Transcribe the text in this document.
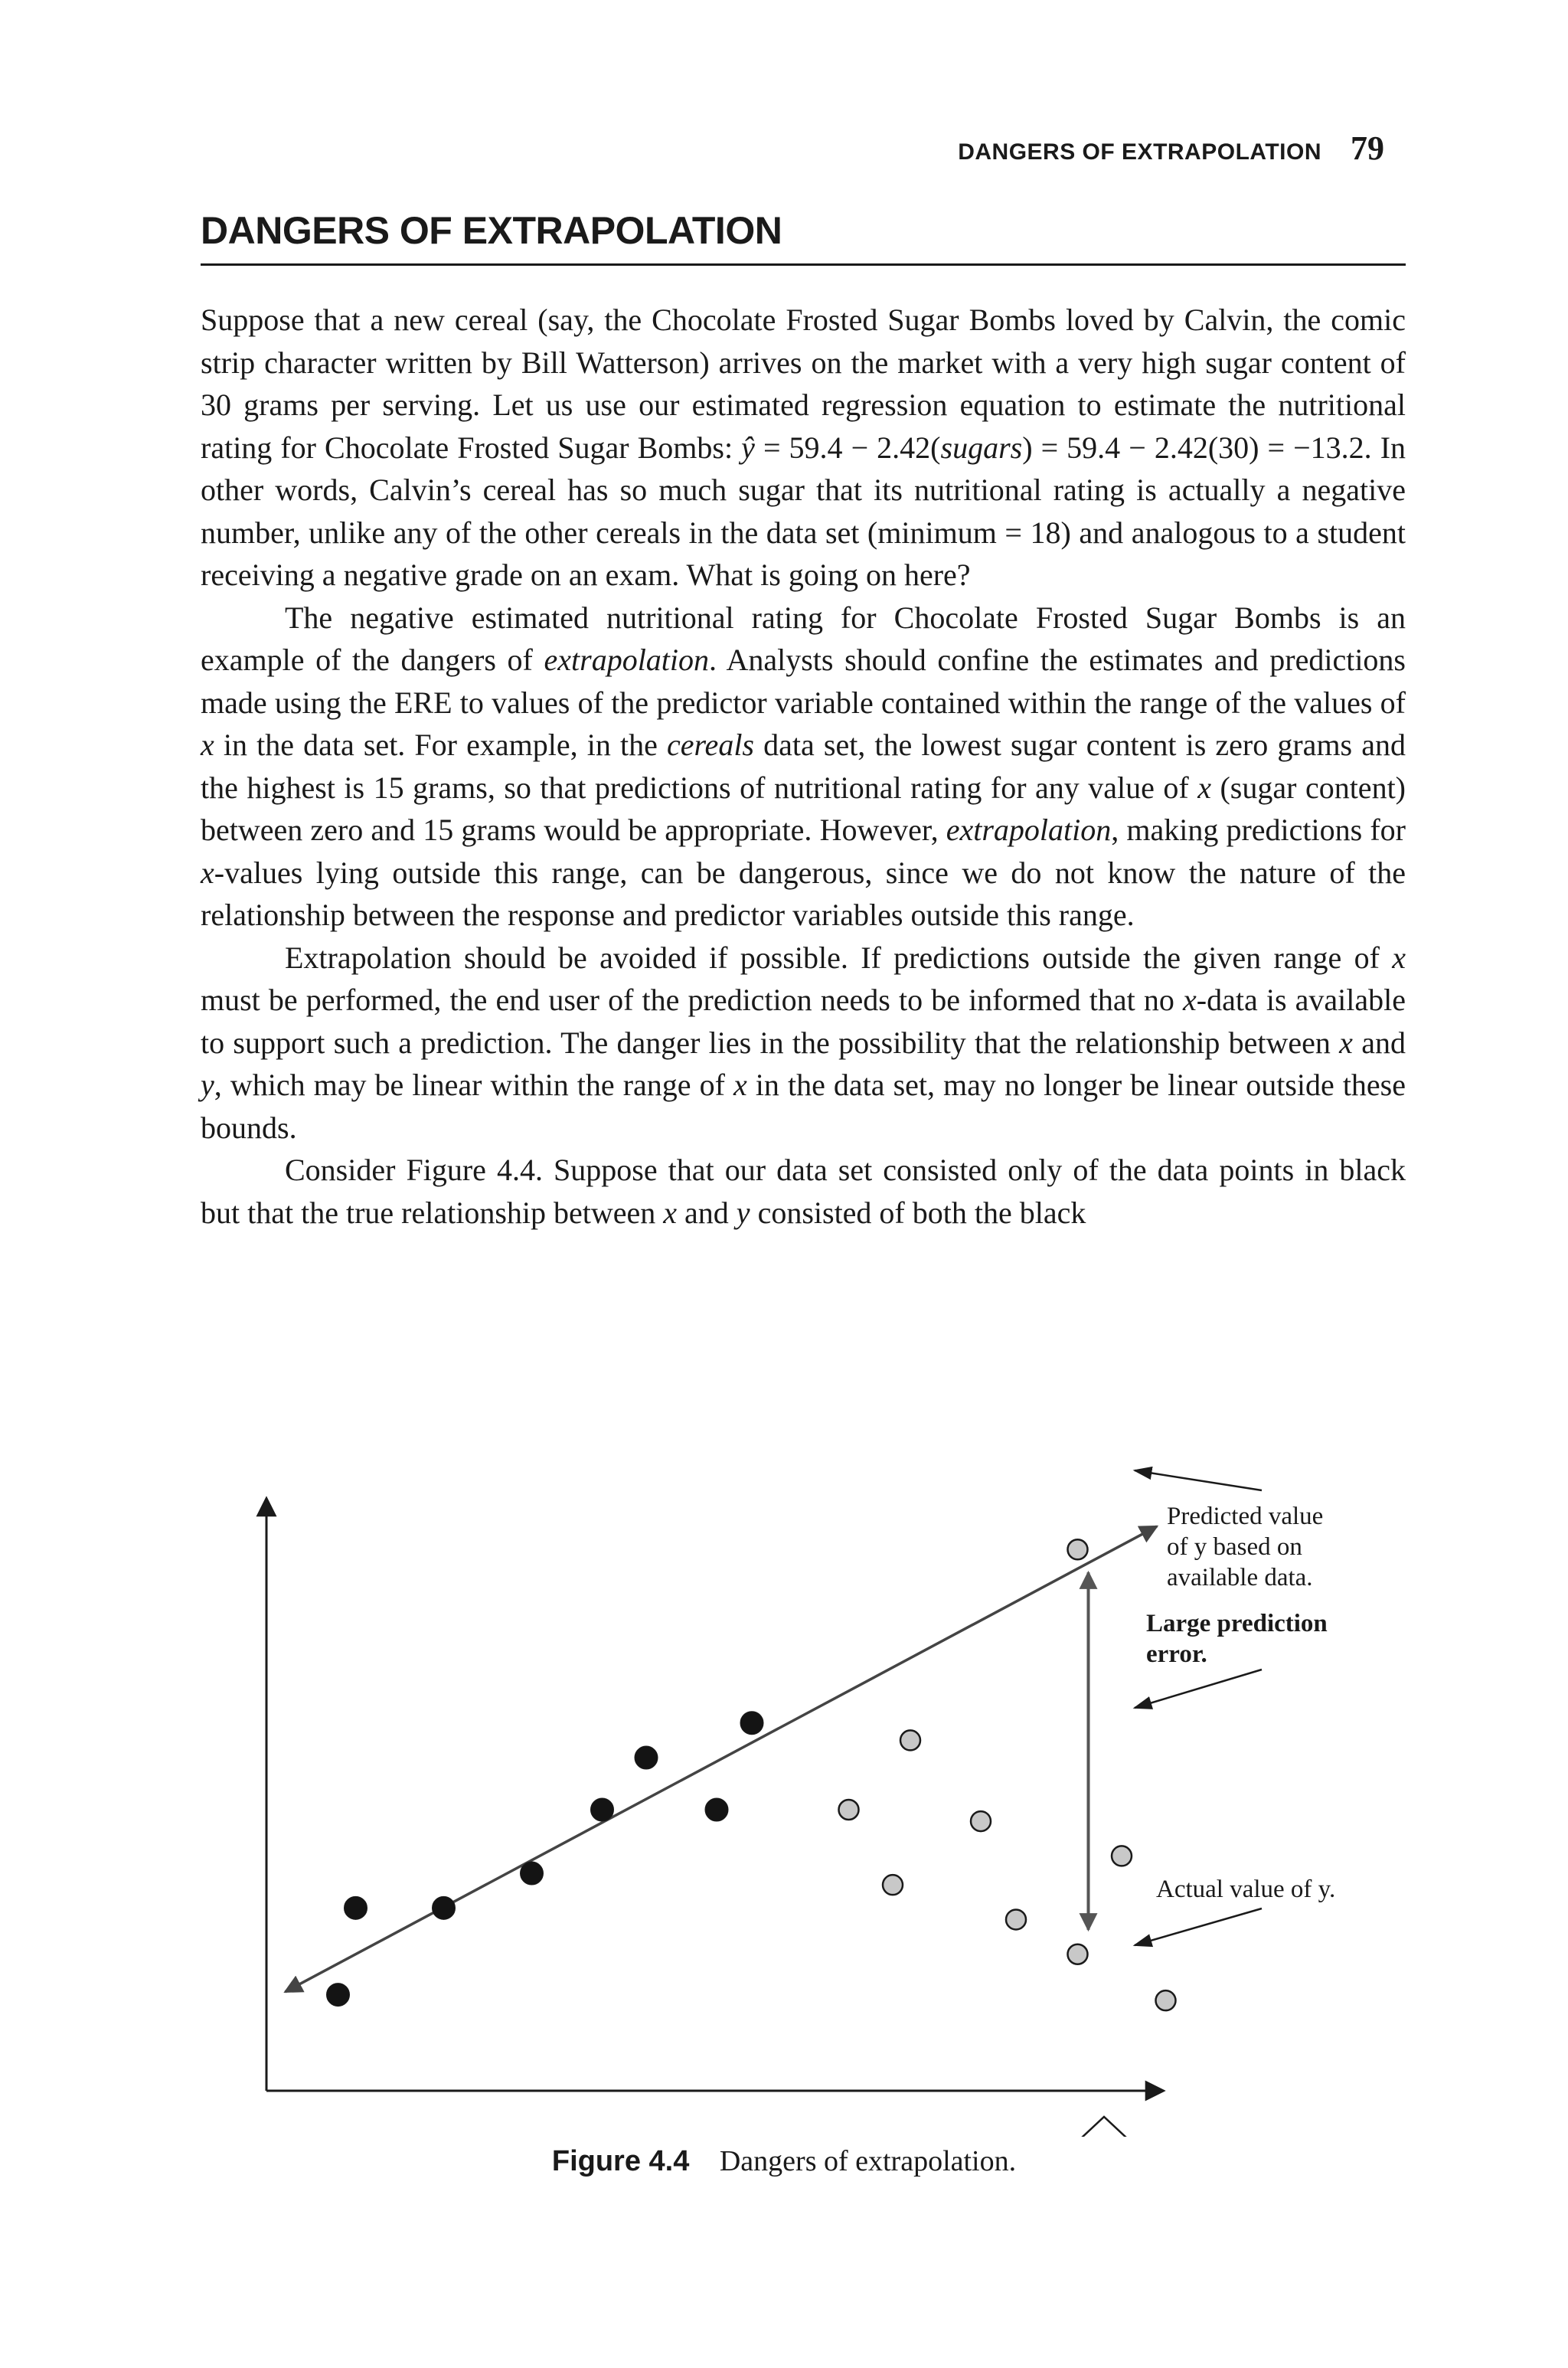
DANGERS OF EXTRAPOLATION 79
DANGERS OF EXTRAPOLATION

Suppose that a new cereal (say, the Chocolate Frosted Sugar Bombs loved by Calvin, the comic strip character written by Bill Watterson) arrives on the market with a very high sugar content of 30 grams per serving. Let us use our estimated regression equation to estimate the nutritional rating for Chocolate Frosted Sugar Bombs: ŷ = 59.4 − 2.42(sugars) = 59.4 − 2.42(30) = −13.2. In other words, Calvin’s cereal has so much sugar that its nutritional rating is actually a negative number, unlike any of the other cereals in the data set (minimum = 18) and analogous to a student receiving a negative grade on an exam. What is going on here?

The negative estimated nutritional rating for Chocolate Frosted Sugar Bombs is an example of the dangers of extrapolation. Analysts should confine the estimates and predictions made using the ERE to values of the predictor variable contained within the range of the values of x in the data set. For example, in the cereals data set, the lowest sugar content is zero grams and the highest is 15 grams, so that predictions of nutritional rating for any value of x (sugar content) between zero and 15 grams would be appropriate. However, extrapolation, making predictions for x-values lying outside this range, can be dangerous, since we do not know the nature of the relationship between the response and predictor variables outside this range.

Extrapolation should be avoided if possible. If predictions outside the given range of x must be performed, the end user of the prediction needs to be informed that no x-data is available to support such a prediction. The danger lies in the possibility that the relationship between x and y, which may be linear within the range of x in the data set, may no longer be linear outside these bounds.

Consider Figure 4.4. Suppose that our data set consisted only of the data points in black but that the true relationship between x and y consisted of both the black

Predicted value of y based on available data.
Large prediction error.
Actual value of y.
Figure 4.4 Dangers of extrapolation.
